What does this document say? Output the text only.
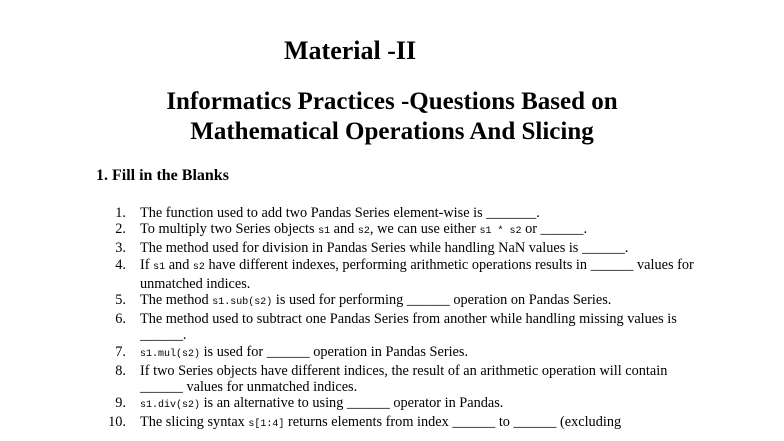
Material -II
Informatics Practices -Questions Based on
Mathematical Operations And Slicing
1. Fill in the Blanks
1. The function used to add two Pandas Series element-wise is _______.
2. To multiply two Series objects s1 and s2, we can use either s1 * s2 or ______.
3. The method used for division in Pandas Series while handling NaN values is ______.
4. If s1 and s2 have different indexes, performing arithmetic operations results in ______ values for unmatched indices.
5. The method s1.sub(s2) is used for performing ______ operation on Pandas Series.
6. The method used to subtract one Pandas Series from another while handling missing values is ______.
7.	s1.mul(s2) is used for ______ operation in Pandas Series.
8. If two Series objects have different indices, the result of an arithmetic operation will contain ______ values for unmatched indices.
9.	s1.div(s2) is an alternative to using ______ operator in Pandas.
10. The slicing syntax s[1:4] returns elements from index ______ to ______ (excluding
